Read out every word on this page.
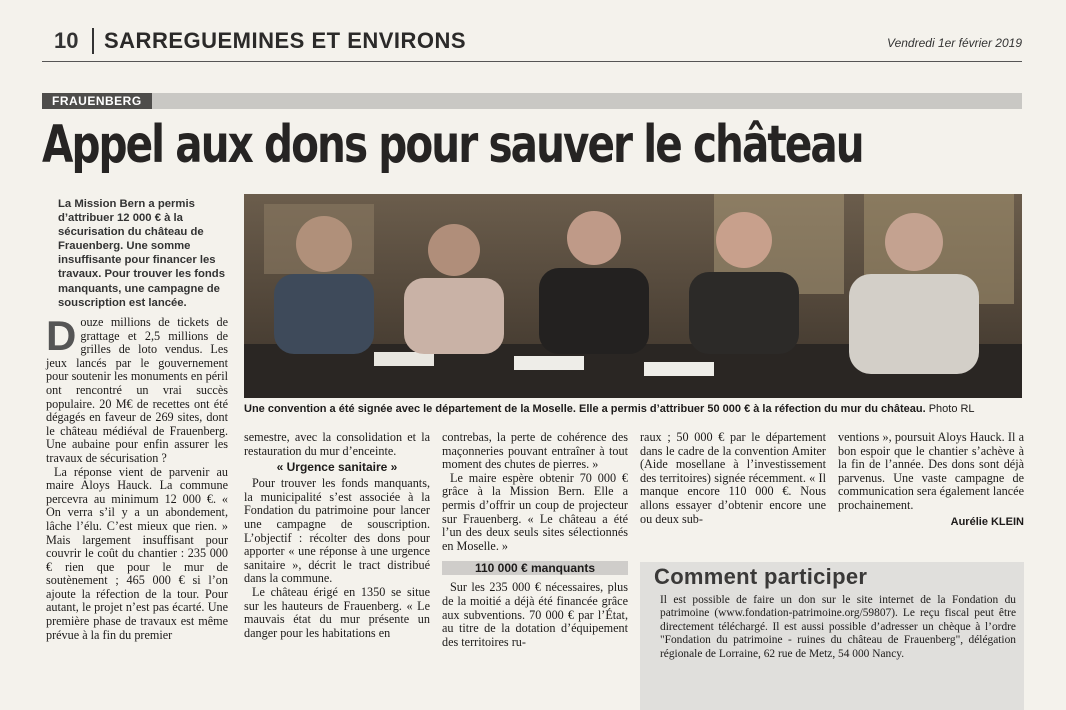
10 SARREGUEMINES ET ENVIRONS	Vendredi 1er février 2019
FRAUENBERG
Appel aux dons pour sauver le château
La Mission Bern a permis d’attribuer 12 000 € à la sécurisation du château de Frauenberg. Une somme insuffisante pour financer les travaux. Pour trouver les fonds manquants, une campagne de souscription est lancée.
Une convention a été signée avec le département de la Moselle. Elle a permis d’attribuer 50 000 € à la réfection du mur du château. Photo RL

Douze millions de tickets de grattage et 2,5 millions de grilles de loto vendus. Les jeux lancés par le gouvernement pour soutenir les monuments en péril ont rencontré un vrai succès populaire. 20 M€ de recettes ont été dégagés en faveur de 269 sites, dont le château médiéval de Frauenberg. Une aubaine pour enfin assurer les travaux de sécurisation ?

La réponse vient de parvenir au maire Aloys Hauck. La commune percevra au minimum 12 000 €. « On verra s’il y a un abondement, lâche l’élu. C’est mieux que rien. » Mais largement insuffisant pour couvrir le coût du chantier : 235 000 € rien que pour le mur de soutènement ; 465 000 € si l’on ajoute la réfection de la tour. Pour autant, le projet n’est pas écarté. Une première phase de travaux est même prévue à la fin du premier

semestre, avec la consolidation et la restauration du mur d’enceinte.

« Urgence sanitaire »

Pour trouver les fonds manquants, la municipalité s’est associée à la Fondation du patrimoine pour lancer une campagne de souscription. L’objectif : récolter des dons pour apporter « une réponse à une urgence sanitaire », décrit le tract distribué dans la commune.

Le château érigé en 1350 se situe sur les hauteurs de Frauenberg. « Le mauvais état du mur présente un danger pour les habitations en

contrebas, la perte de cohérence des maçonneries pouvant entraîner à tout moment des chutes de pierres. »

Le maire espère obtenir 70 000 € grâce à la Mission Bern. Elle a permis d’offrir un coup de projecteur sur Frauenberg. « Le château a été l’un des deux seuls sites sélectionnés en Moselle. »

110 000 € manquants

Sur les 235 000 € nécessaires, plus de la moitié a déjà été financée grâce aux subventions. 70 000 € par l’État, au titre de la dotation d’équipement des territoires ru-

raux ; 50 000 € par le département dans le cadre de la convention Amiter (Aide mosellane à l’investissement des territoires) signée récemment. « Il manque encore 110 000 €. Nous allons essayer d’obtenir encore une ou deux sub-

ventions », poursuit Aloys Hauck. Il a bon espoir que le chantier s’achève à la fin de l’année. Des dons sont déjà parvenus. Une vaste campagne de communication sera également lancée prochainement.

Aurélie KLEIN
Comment participer
Il est possible de faire un don sur le site internet de la Fondation du patrimoine (www.fondation-patrimoine.org/59807). Le reçu fiscal peut être directement téléchargé. Il est aussi possible d’adresser un chèque à l’ordre "Fondation du patrimoine - ruines du château de Frauenberg", délégation régionale de Lorraine, 62 rue de Metz, 54 000 Nancy.
